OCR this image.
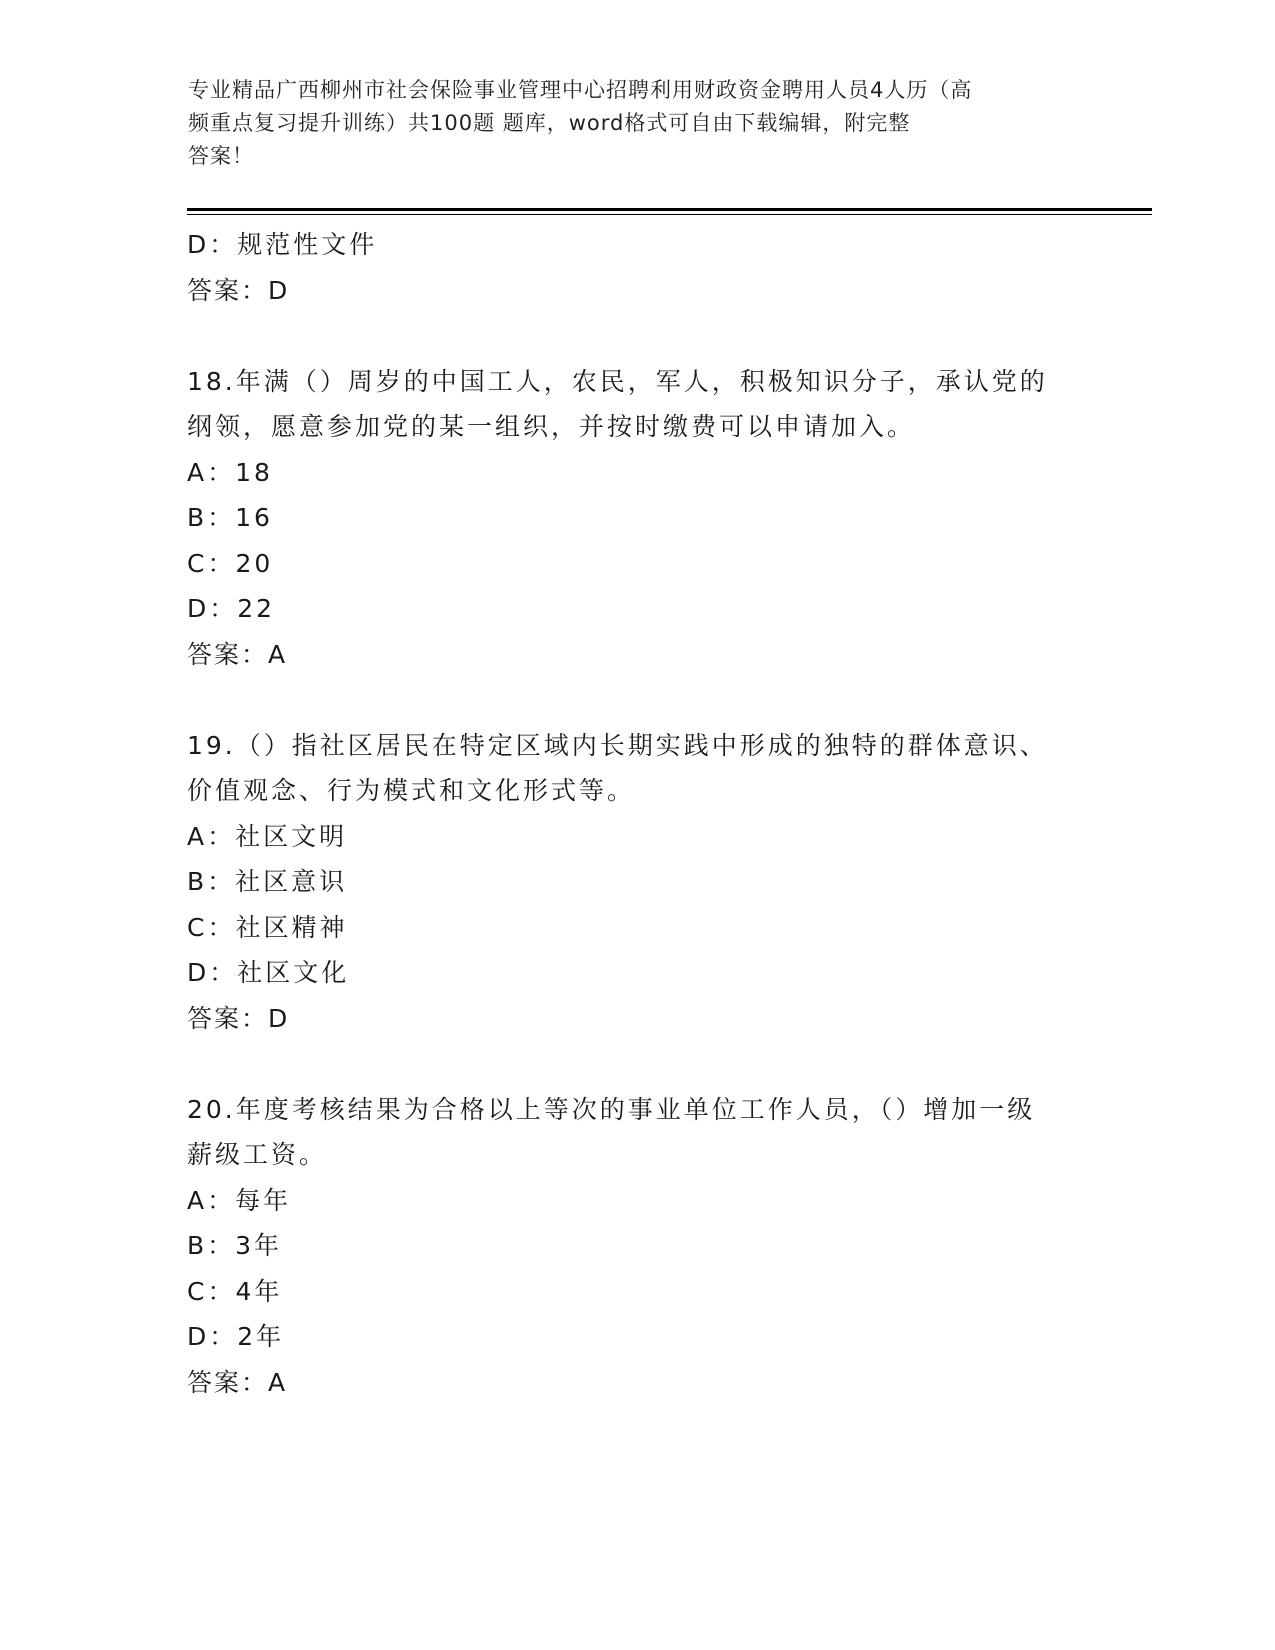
专业精品广西柳州市社会保险事业管理中心招聘利用财政资金聘用人员4人历（高
频重点复习提升训练）共100题 题库，word格式可自由下载编辑，附完整
答案！
D：规范性文件
答案：D
18.年满（）周岁的中国工人，农民，军人，积极知识分子，承认党的
纲领，愿意参加党的某一组织，并按时缴费可以申请加入。
A：18
B：16
C：20
D：22
答案：A
19.（）指社区居民在特定区域内长期实践中形成的独特的群体意识、
价值观念、行为模式和文化形式等。
A：社区文明
B：社区意识
C：社区精神
D：社区文化
答案：D
20.年度考核结果为合格以上等次的事业单位工作人员，（）增加一级
薪级工资。
A：每年
B：3年
C：4年
D：2年
答案：A
